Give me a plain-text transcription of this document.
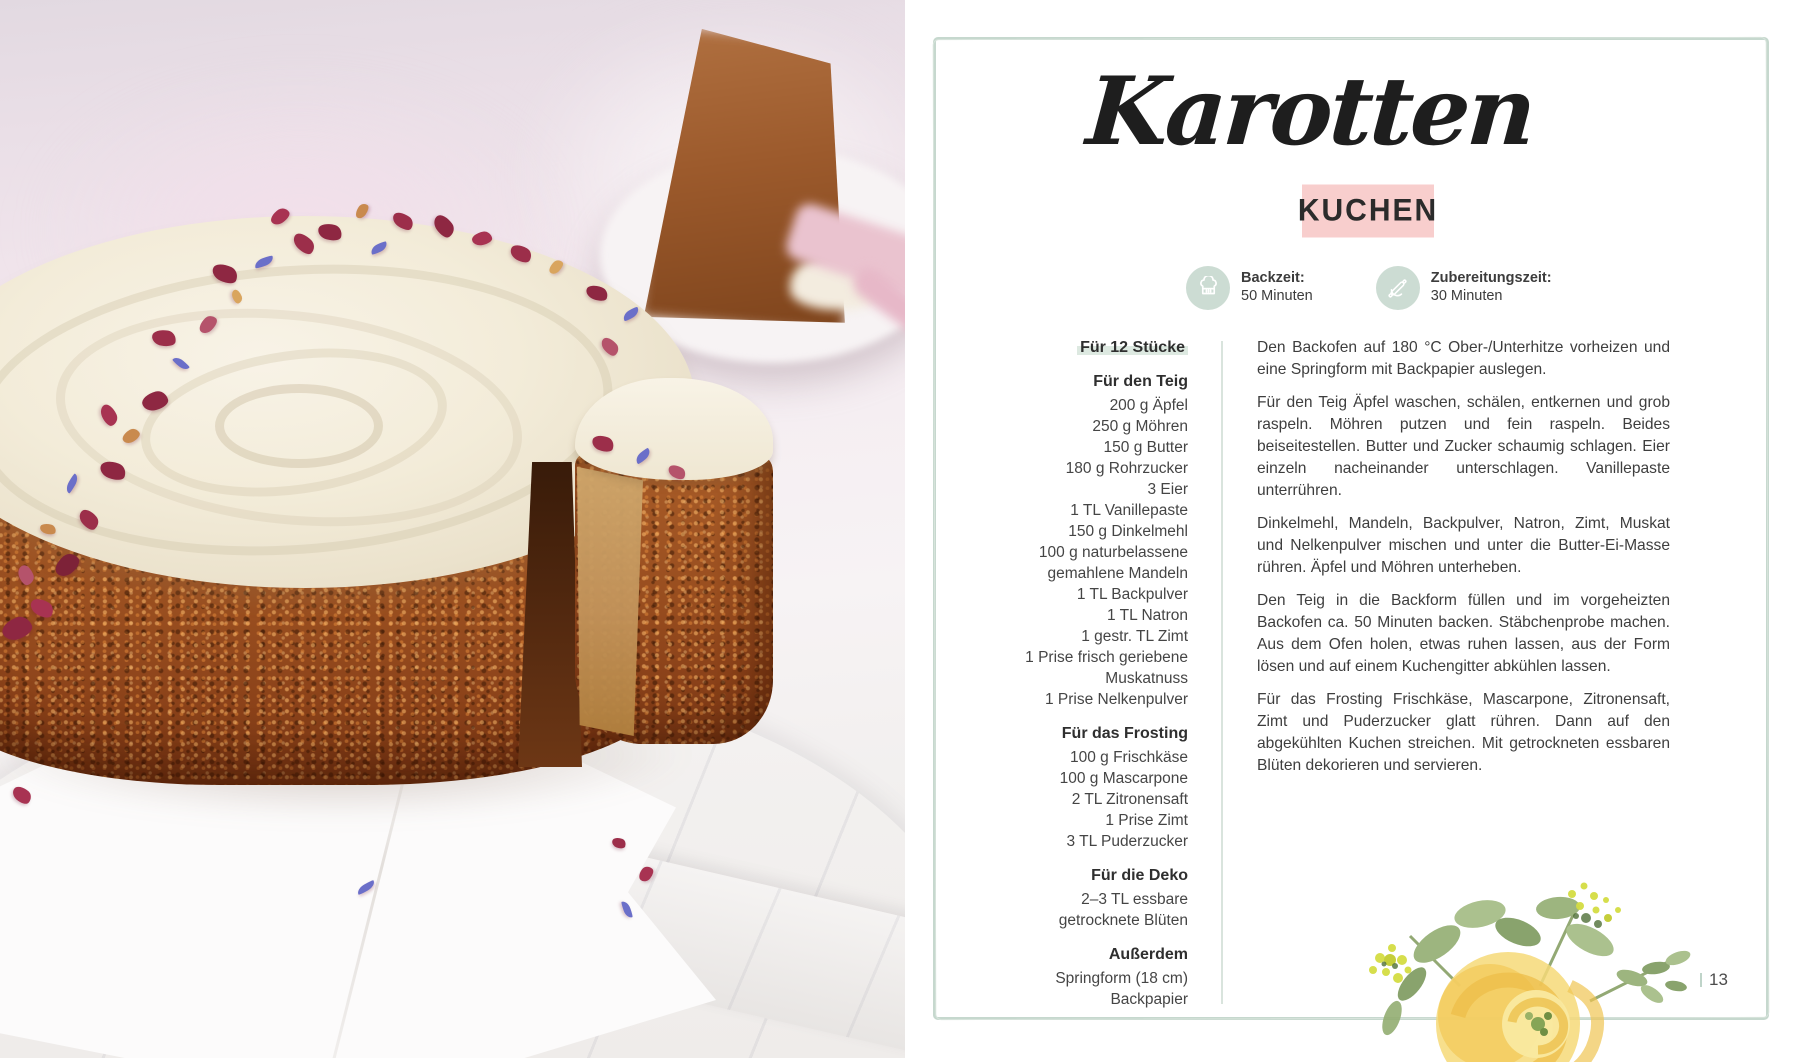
Karotten
KUCHEN
Backzeit:
50 Minuten
Zubereitungszeit:
30 Minuten
Für 12 Stücke
Für den Teig
200 g Äpfel
250 g Möhren
150 g Butter
180 g Rohrzucker
3 Eier
1 TL Vanillepaste
150 g Dinkelmehl
100 g naturbelassene gemahlene Mandeln
1 TL Backpulver
1 TL Natron
1 gestr. TL Zimt
1 Prise frisch geriebene Muskatnuss
1 Prise Nelkenpulver
Für das Frosting
100 g Frischkäse
100 g Mascarpone
2 TL Zitronensaft
1 Prise Zimt
3 TL Puderzucker
Für die Deko
2–3 TL essbare getrocknete Blüten
Außerdem
Springform (18 cm)
Backpapier

Den Backofen auf 180 °C Ober-/Unterhitze vorheizen und eine Springform mit Backpapier auslegen.

Für den Teig Äpfel waschen, schälen, entkernen und grob raspeln. Möhren putzen und fein raspeln. Beides beiseitestellen. Butter und Zucker schaumig schlagen. Eier einzeln nacheinander unterschlagen. Vanillepaste unterrühren.

Dinkelmehl, Mandeln, Backpulver, Natron, Zimt, Muskat und Nelkenpulver mischen und unter die Butter-Ei-Masse rühren. Äpfel und Möhren unterheben.

Den Teig in die Backform füllen und im vorgeheizten Backofen ca. 50 Minuten backen. Stäbchenprobe machen. Aus dem Ofen holen, etwas ruhen lassen, aus der Form lösen und auf einem Kuchengitter abkühlen lassen.

Für das Frosting Frischkäse, Mascarpone, Zitronensaft, Zimt und Puderzucker glatt rühren. Dann auf den abgekühlten Kuchen streichen. Mit getrockneten essbaren Blüten dekorieren und servieren.

13
